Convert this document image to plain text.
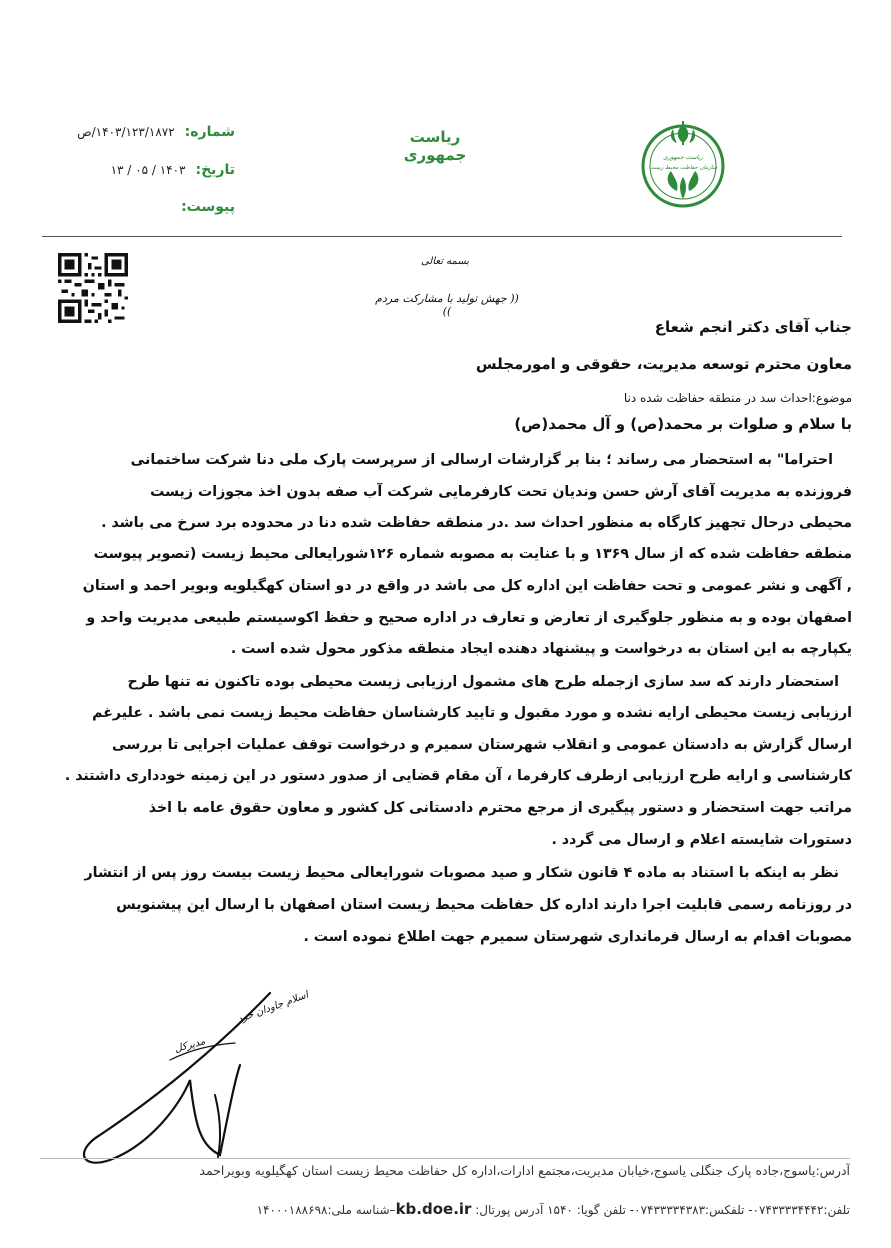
ریاست جمهوری
سازمان حفاظت محیط زیست
ریاست جمهوری
شماره:
۱۴۰۳/۱۲۳/۱۸۷۲/ص
تاریخ:
۱۴۰۳ / ۰۵ / ۱۳
پیوست:
بسمه تعالی
(( جهش تولید با مشارکت مردم ))
جناب آقای دکتر انجم شعاع
معاون محترم توسعه مدیریت، حقوقی و امورمجلس
موضوع:احداث سد در منطقه حفاظت شده دنا
با سلام و صلوات بر محمد(ص) و آل محمد(ص)
احتراما" به استحضار می رساند ؛ بنا بر گزارشات ارسالی از سرپرست پارک ملی دنا شرکت ساختمانی
فروزنده به مدیریت آقای آرش حسن وندیان تحت کارفرمایی شرکت آب صفه بدون اخذ مجوزات زیست
محیطی درحال تجهیز کارگاه به منظور احداث سد .در منطقه حفاظت شده دنا در محدوده برد سرخ می باشد .
منطقه حفاظت شده که از سال ۱۳۶۹ و با عنایت به مصوبه شماره ۱۲۶شورایعالی محیط زیست (تصویر پیوست
, آگهی و نشر عمومی و تحت حفاظت این اداره کل می باشد در واقع در دو استان کهگیلویه وبویر احمد و استان
اصفهان بوده و به منظور جلوگیری از تعارض و تعارف در اداره صحیح و حفظ اکوسیستم طبیعی مدیریت واحد و
یکپارچه به این استان به درخواست و پیشنهاد دهنده ایجاد منطقه مذکور محول شده است .
استحضار دارند که سد سازی ازجمله طرح های مشمول ارزیابی زیست محیطی بوده تاکنون نه تنها طرح
ارزیابی زیست محیطی ارایه نشده و مورد مقبول و تایید کارشناسان حفاظت محیط زیست نمی باشد . علیرغم
ارسال گزارش به دادستان عمومی و انقلاب شهرستان سمیرم و درخواست توقف عملیات اجرایی تا بررسی
کارشناسی و ارایه طرح ارزیابی ازطرف کارفرما ، آن مقام قضایی از صدور دستور در این زمینه خودداری داشتند .
مراتب جهت استحضار و دستور پیگیری از مرجع محترم دادستانی کل کشور و معاون حقوق عامه با اخذ
دستورات شایسته اعلام و ارسال می گردد .
نظر به اینکه با استناد به ماده ۴ قانون شکار و صید مصوبات شورایعالی محیط زیست بیست روز پس از انتشار
در روزنامه رسمی قابلیت اجرا دارند اداره کل حفاظت محیط زیست استان اصفهان با ارسال این پیشنویس
مصوبات اقدام به ارسال فرمانداری شهرستان سمیرم جهت اطلاع نموده است .
اسلام جاودان خرد
مدیرکل
آدرس:یاسوج،جاده پارک جنگلی یاسوج،خیابان مدیریت،مجتمع ادارات،اداره کل حفاظت محیط زیست استان کهگیلویه وبویراحمد
تلفن:۰۷۴۳۳۳۳۴۴۴۲- تلفکس:۰۷۴۳۳۳۳۴۳۸۳- تلفن گویا: ۱۵۴۰ آدرس پورتال: kb.doe.ir–شناسه ملی:۱۴۰۰۰۱۸۸۶۹۸
